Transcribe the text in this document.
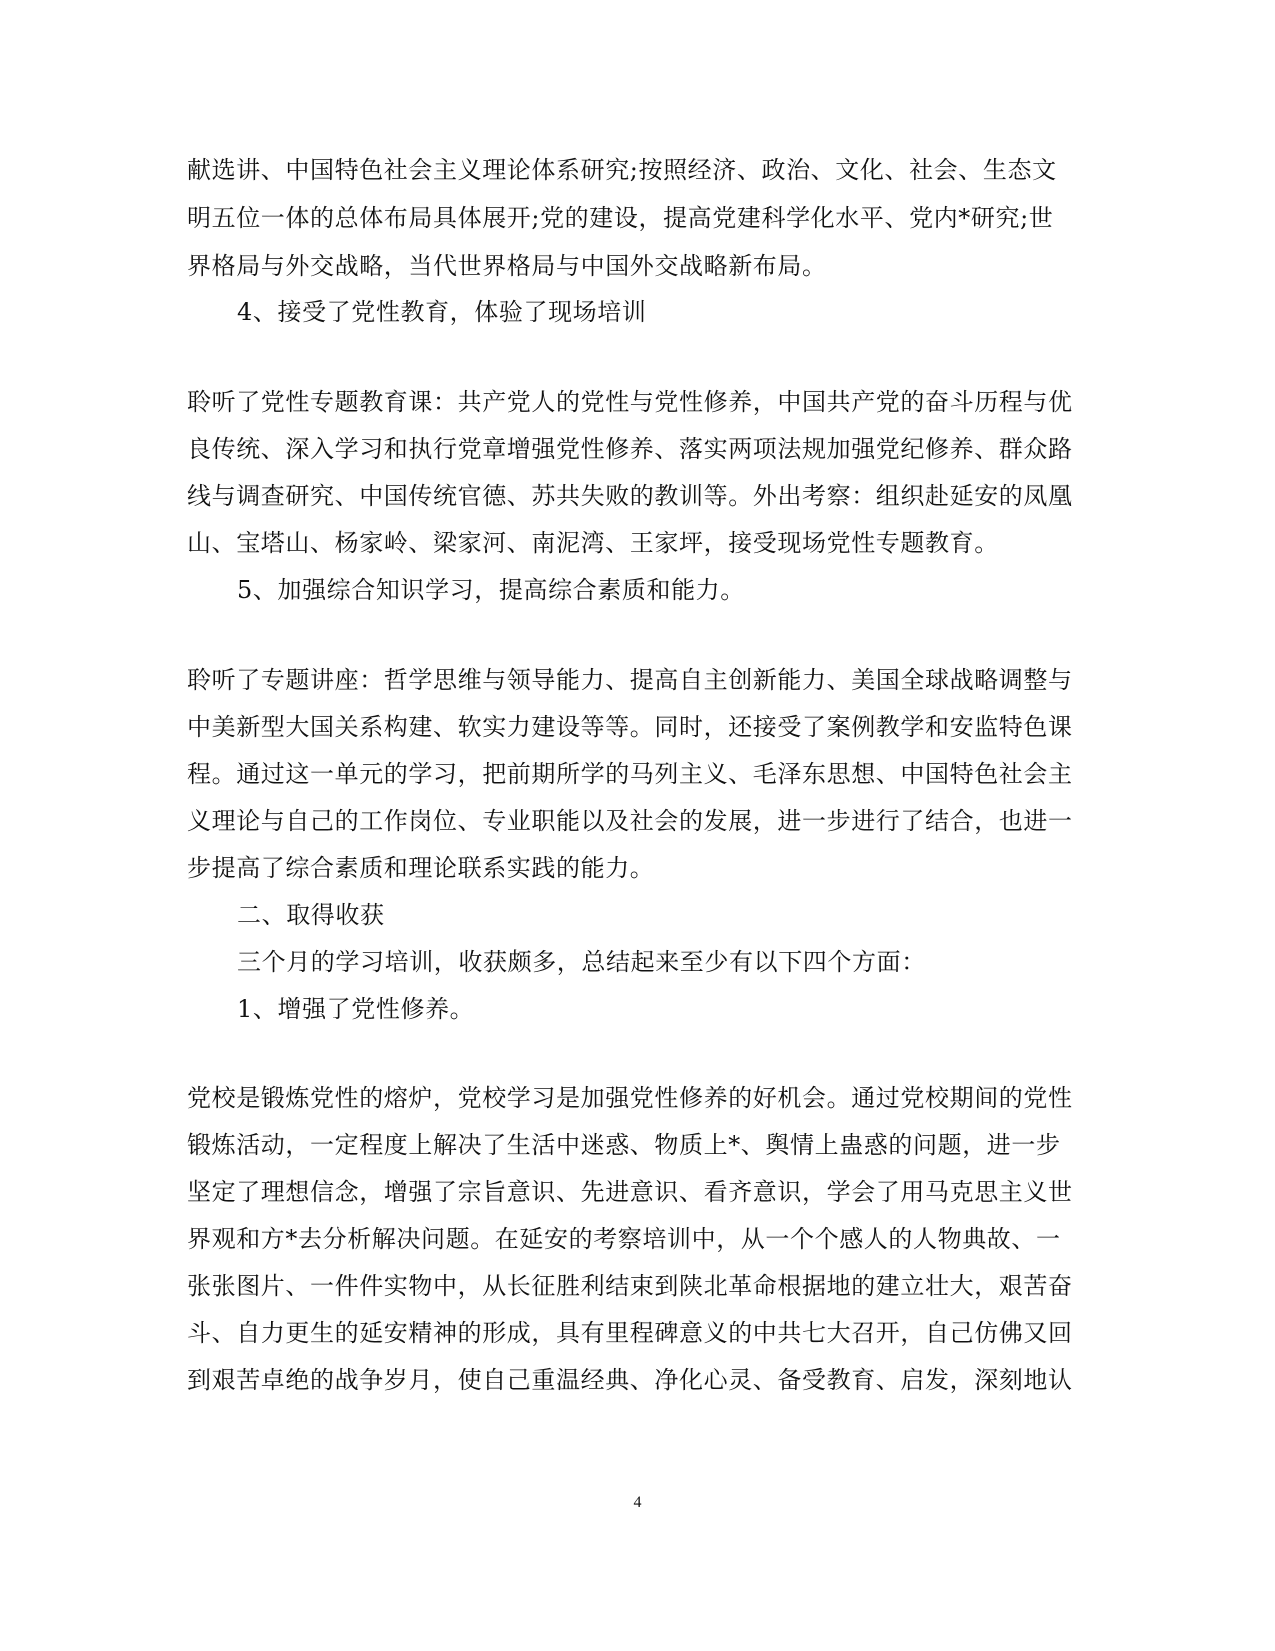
献选讲、中国特色社会主义理论体系研究;按照经济、政治、文化、社会、生态文
明五位一体的总体布局具体展开;党的建设，提高党建科学化水平、党内*研究;世
界格局与外交战略，当代世界格局与中国外交战略新布局。
4、接受了党性教育，体验了现场培训
聆听了党性专题教育课：共产党人的党性与党性修养，中国共产党的奋斗历程与优
良传统、深入学习和执行党章增强党性修养、落实两项法规加强党纪修养、群众路
线与调查研究、中国传统官德、苏共失败的教训等。外出考察：组织赴延安的凤凰
山、宝塔山、杨家岭、梁家河、南泥湾、王家坪，接受现场党性专题教育。
5、加强综合知识学习，提高综合素质和能力。
聆听了专题讲座：哲学思维与领导能力、提高自主创新能力、美国全球战略调整与
中美新型大国关系构建、软实力建设等等。同时，还接受了案例教学和安监特色课
程。通过这一单元的学习，把前期所学的马列主义、毛泽东思想、中国特色社会主
义理论与自己的工作岗位、专业职能以及社会的发展，进一步进行了结合，也进一
步提高了综合素质和理论联系实践的能力。
二、取得收获
三个月的学习培训，收获颇多，总结起来至少有以下四个方面：
1、增强了党性修养。
党校是锻炼党性的熔炉，党校学习是加强党性修养的好机会。通过党校期间的党性
锻炼活动，一定程度上解决了生活中迷惑、物质上*、舆情上蛊惑的问题，进一步
坚定了理想信念，增强了宗旨意识、先进意识、看齐意识，学会了用马克思主义世
界观和方*去分析解决问题。在延安的考察培训中，从一个个感人的人物典故、一
张张图片、一件件实物中，从长征胜利结束到陕北革命根据地的建立壮大，艰苦奋
斗、自力更生的延安精神的形成，具有里程碑意义的中共七大召开，自己仿佛又回
到艰苦卓绝的战争岁月，使自己重温经典、净化心灵、备受教育、启发，深刻地认
4
